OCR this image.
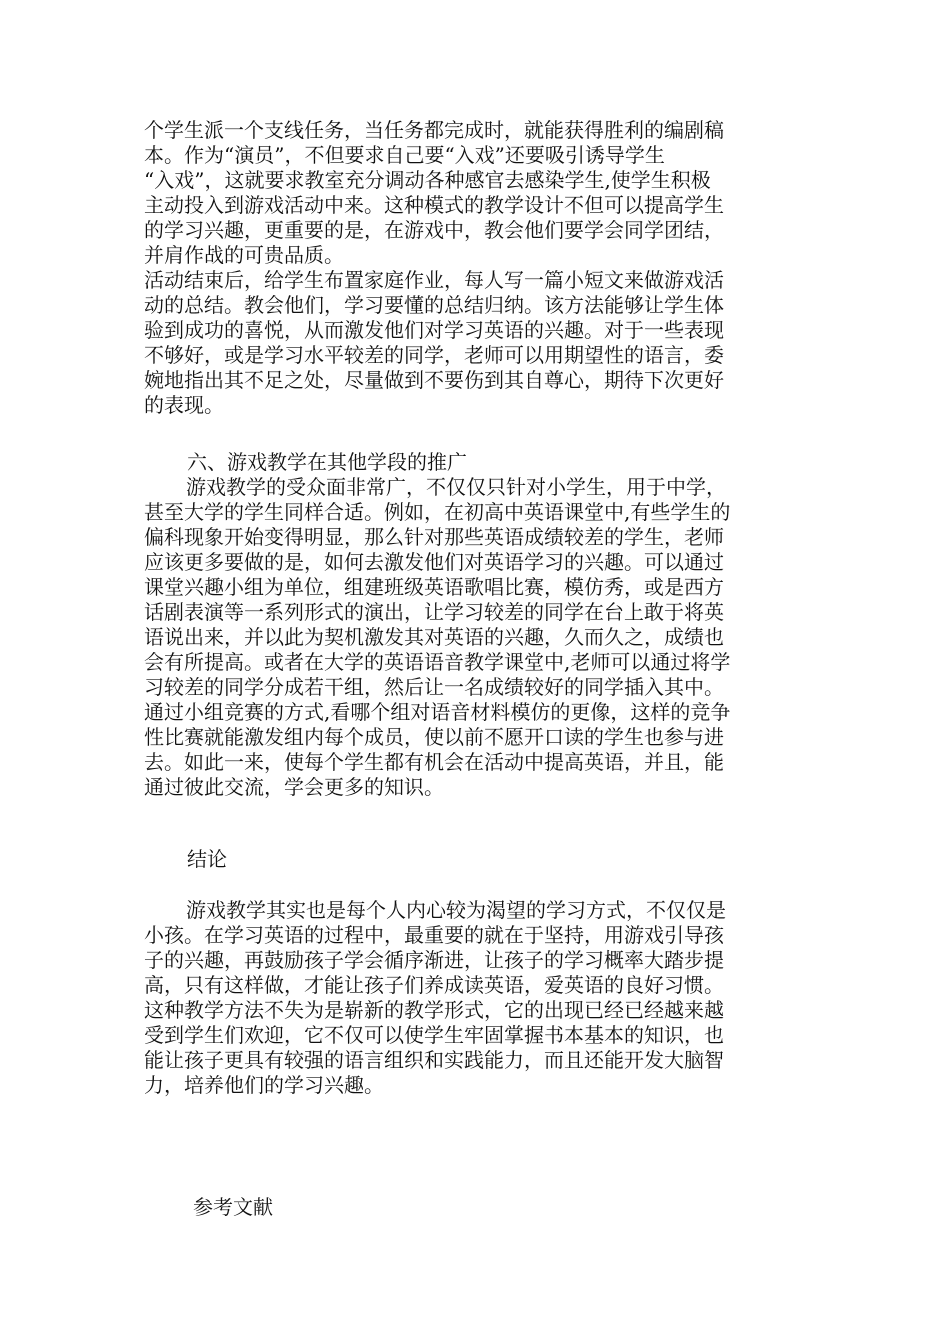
个学生派一个支线任务，当任务都完成时，就能获得胜利的编剧稿
本。作为“演员”，不但要求自己要“入戏”还要吸引诱导学生
“入戏”，这就要求教室充分调动各种感官去感染学生,使学生积极
主动投入到游戏活动中来。这种模式的教学设计不但可以提高学生
的学习兴趣，更重要的是，在游戏中，教会他们要学会同学团结，
并肩作战的可贵品质。
活动结束后，给学生布置家庭作业，每人写一篇小短文来做游戏活
动的总结。教会他们，学习要懂的总结归纳。该方法能够让学生体
验到成功的喜悦，从而激发他们对学习英语的兴趣。对于一些表现
不够好，或是学习水平较差的同学，老师可以用期望性的语言，委
婉地指出其不足之处，尽量做到不要伤到其自尊心，期待下次更好
的表现。
六、游戏教学在其他学段的推广
游戏教学的受众面非常广，不仅仅只针对小学生，用于中学，
甚至大学的学生同样合适。例如，在初高中英语课堂中,有些学生的
偏科现象开始变得明显，那么针对那些英语成绩较差的学生，老师
应该更多要做的是，如何去激发他们对英语学习的兴趣。可以通过
课堂兴趣小组为单位，组建班级英语歌唱比赛，模仿秀，或是西方
话剧表演等一系列形式的演出，让学习较差的同学在台上敢于将英
语说出来，并以此为契机激发其对英语的兴趣，久而久之，成绩也
会有所提高。或者在大学的英语语音教学课堂中,老师可以通过将学
习较差的同学分成若干组，然后让一名成绩较好的同学插入其中。
通过小组竞赛的方式,看哪个组对语音材料模仿的更像，这样的竞争
性比赛就能激发组内每个成员，使以前不愿开口读的学生也参与进
去。如此一来，使每个学生都有机会在活动中提高英语，并且，能
通过彼此交流，学会更多的知识。
结论
游戏教学其实也是每个人内心较为渴望的学习方式，不仅仅是
小孩。在学习英语的过程中，最重要的就在于坚持，用游戏引导孩
子的兴趣，再鼓励孩子学会循序渐进，让孩子的学习概率大踏步提
高，只有这样做，才能让孩子们养成读英语，爱英语的良好习惯。
这种教学方法不失为是崭新的教学形式，它的出现已经已经越来越
受到学生们欢迎，它不仅可以使学生牢固掌握书本基本的知识，也
能让孩子更具有较强的语言组织和实践能力，而且还能开发大脑智
力，培养他们的学习兴趣。
参考文献
